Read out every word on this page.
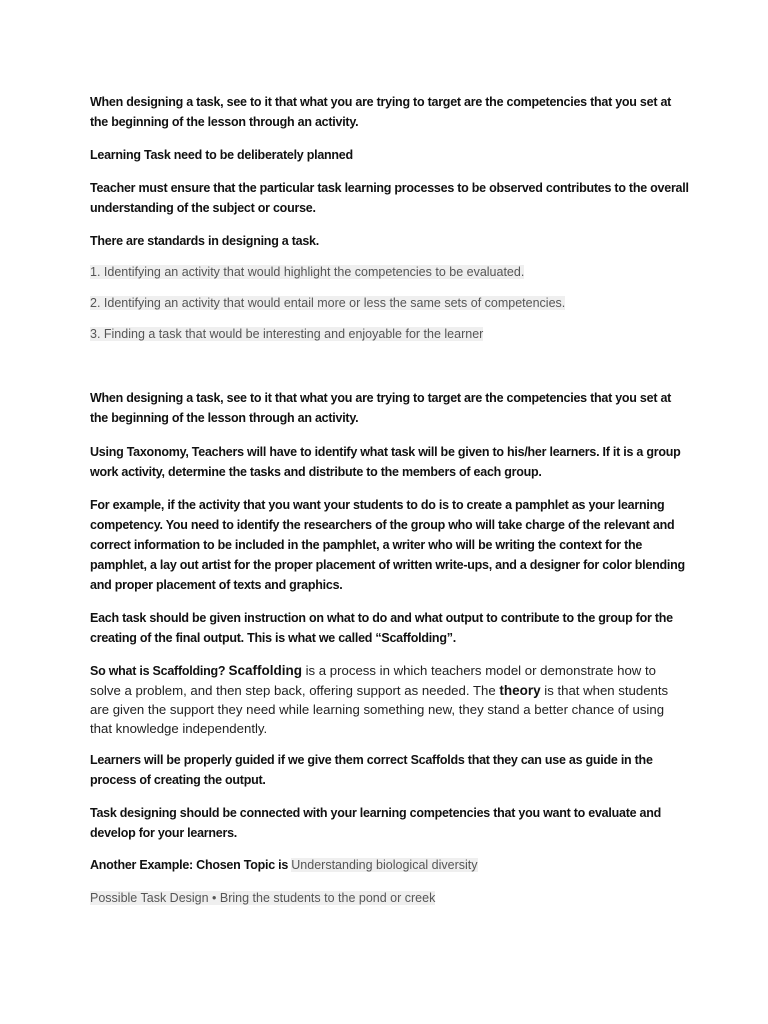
When designing a task, see to it that what you are trying to target are the competencies that you set at the beginning of the lesson through an activity.

Learning Task need to be deliberately planned

Teacher must ensure that the particular task learning processes to be observed contributes to the overall understanding of the subject or course.

There are standards in designing a task.

1. Identifying an activity that would highlight the competencies to be evaluated.

2. Identifying an activity that would entail more or less the same sets of competencies.

3. Finding a task that would be interesting and enjoyable for the learner

When designing a task, see to it that what you are trying to target are the competencies that you set at the beginning of the lesson through an activity.

Using Taxonomy, Teachers will have to identify what task will be given to his/her learners. If it is a group work activity, determine the tasks and distribute to the members of each group.

For example, if the activity that you want your students to do is to create a pamphlet as your learning competency. You need to identify the researchers of the group who will take charge of the relevant and correct information to be included in the pamphlet, a writer who will be writing the context for the pamphlet, a lay out artist for the proper placement of written write-ups, and a designer for color blending and proper placement of texts and graphics.

Each task should be given instruction on what to do and what output to contribute to the group for the creating of the final output. This is what we called “Scaffolding”.

So what is Scaffolding? Scaffolding is a process in which teachers model or demonstrate how to solve a problem, and then step back, offering support as needed. The theory is that when students are given the support they need while learning something new, they stand a better chance of using that knowledge independently.

Learners will be properly guided if we give them correct Scaffolds that they can use as guide in the process of creating the output.

Task designing should be connected with your learning competencies that you want to evaluate and develop for your learners.

Another Example: Chosen Topic is Understanding biological diversity

Possible Task Design • Bring the students to the pond or creek
